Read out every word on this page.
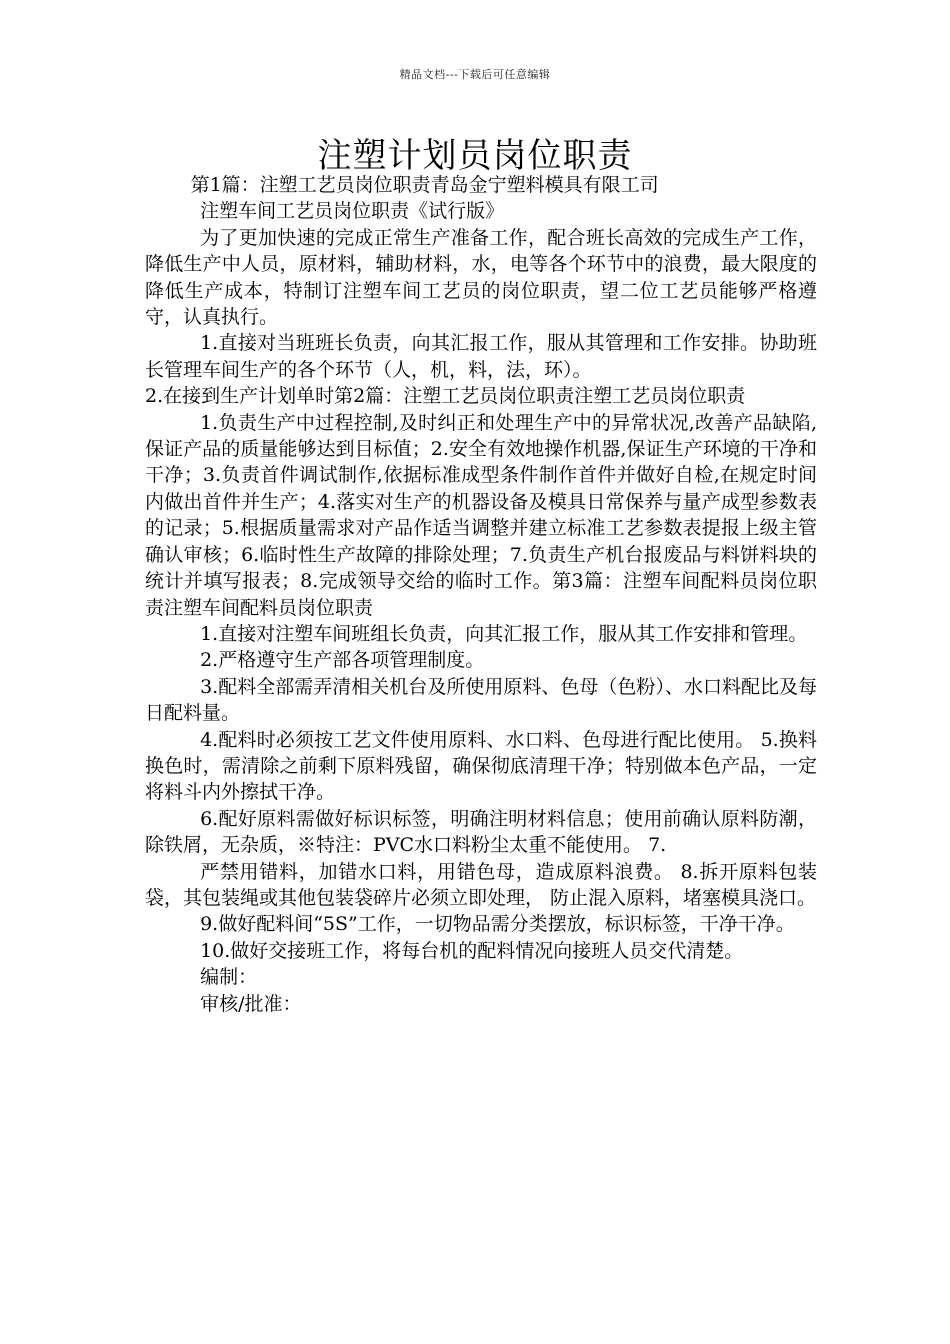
精品文档---下载后可任意编辑
注塑计划员岗位职责

第1篇：注塑工艺员岗位职责青岛金宁塑料模具有限工司

注塑车间工艺员岗位职责《试行版》

为了更加快速的完成正常生产准备工作，配合班长高效的完成生产工作，降低生产中人员，原材料，辅助材料，水，电等各个环节中的浪费，最大限度的降低生产成本，特制订注塑车间工艺员的岗位职责，望二位工艺员能够严格遵守，认真执行。

1.直接对当班班长负责，向其汇报工作，服从其管理和工作安排。协助班长管理车间生产的各个环节（人，机，料，法，环）。

2.在接到生产计划单时第2篇：注塑工艺员岗位职责注塑工艺员岗位职责

1.负责生产中过程控制,及时纠正和处理生产中的异常状况,改善产品缺陷,保证产品的质量能够达到目标值；2.安全有效地操作机器,保证生产环境的干净和干净；3.负责首件调试制作,依据标准成型条件制作首件并做好自检,在规定时间内做出首件并生产；4.落实对生产的机器设备及模具日常保养与量产成型参数表的记录；5.根据质量需求对产品作适当调整并建立标准工艺参数表提报上级主管确认审核；6.临时性生产故障的排除处理；7.负责生产机台报废品与料饼料块的统计并填写报表；8.完成领导交给的临时工作。第3篇：注塑车间配料员岗位职责注塑车间配料员岗位职责

1.直接对注塑车间班组长负责，向其汇报工作，服从其工作安排和管理。

2.严格遵守生产部各项管理制度。

3.配料全部需弄清相关机台及所使用原料、色母（色粉）、水口料配比及每日配料量。

4.配料时必须按工艺文件使用原料、水口料、色母进行配比使用。 5.换料换色时，需清除之前剩下原料残留，确保彻底清理干净；特别做本色产品，一定将料斗内外擦拭干净。

6.配好原料需做好标识标签，明确注明材料信息；使用前确认原料防潮，除铁屑，无杂质，※特注：PVC水口料粉尘太重不能使用。 7.

严禁用错料，加错水口料，用错色母，造成原料浪费。 8.拆开原料包装袋，其包装绳或其他包装袋碎片必须立即处理， 防止混入原料，堵塞模具浇口。

9.做好配料间“5S”工作，一切物品需分类摆放，标识标签，干净干净。

10.做好交接班工作，将每台机的配料情况向接班人员交代清楚。

编制：

审核/批准：
